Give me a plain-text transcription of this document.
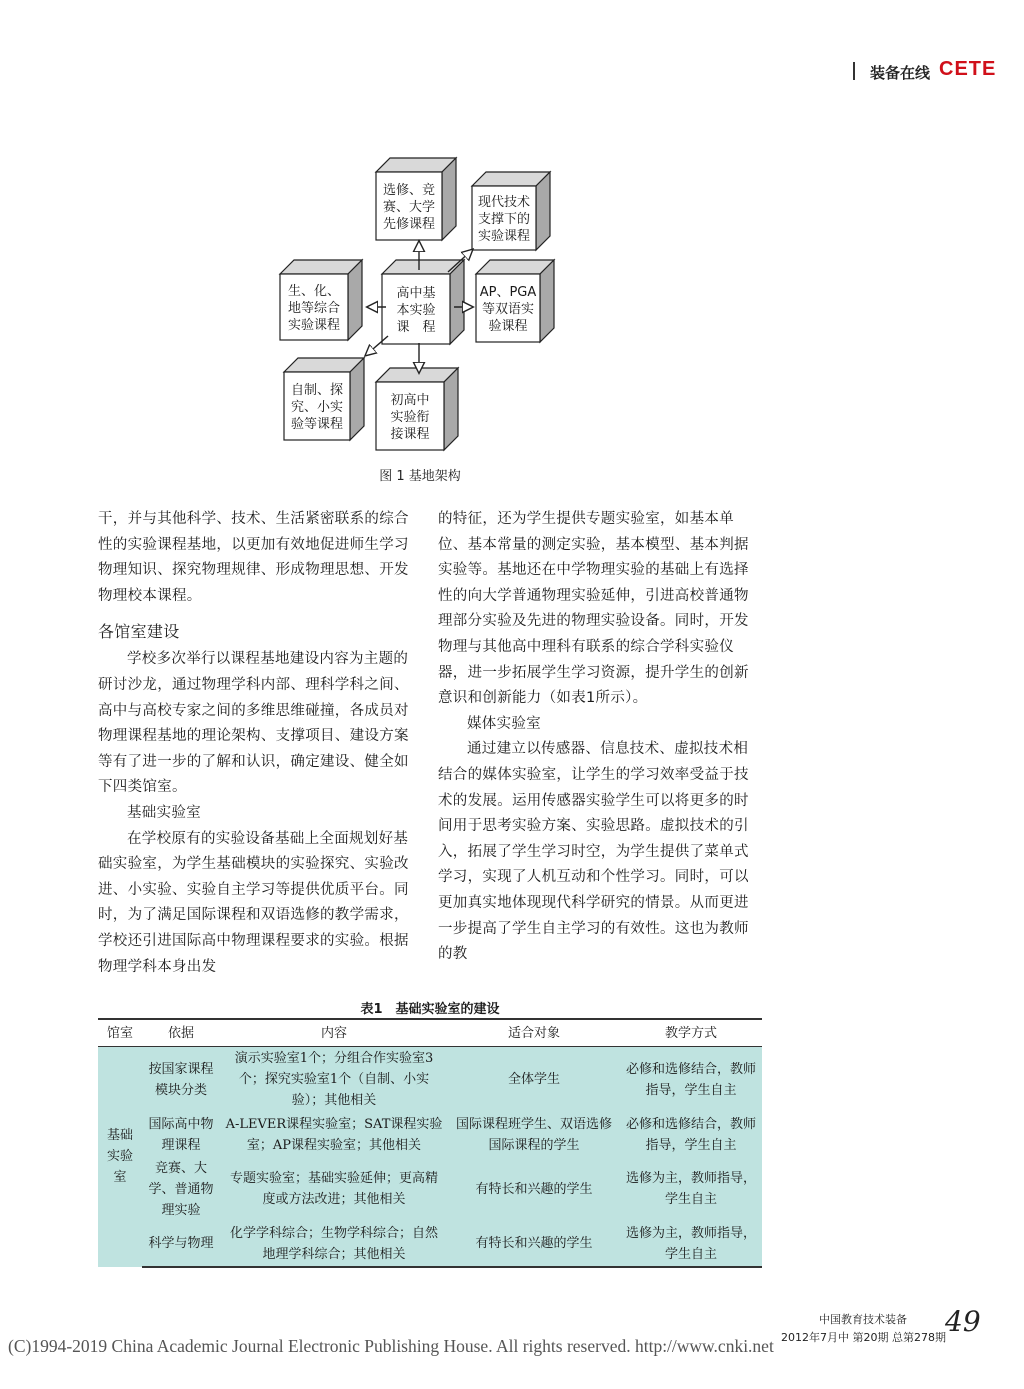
装备在线 CETE
选修、竞
赛、大学
先修课程
现代技术
支撑下的
实验课程
生、化、
地等综合
实验课程
高中基
本实验
课　程
AP、PGA
等双语实
验课程
自制、探
究、小实
验等课程
初高中
实验衔
接课程
图 1 基地架构

干，并与其他科学、技术、生活紧密联系的综合性的实验课程基地，以更加有效地促进师生学习物理知识、探究物理规律、形成物理思想、开发物理校本课程。

各馆室建设

学校多次举行以课程基地建设内容为主题的研讨沙龙，通过物理学科内部、理科学科之间、高中与高校专家之间的多维思维碰撞，各成员对物理课程基地的理论架构、支撑项目、建设方案等有了进一步的了解和认识，确定建设、健全如下四类馆室。

基础实验室

在学校原有的实验设备基础上全面规划好基础实验室，为学生基础模块的实验探究、实验改进、小实验、实验自主学习等提供优质平台。同时，为了满足国际课程和双语选修的教学需求，学校还引进国际高中物理课程要求的实验。根据物理学科本身出发

的特征，还为学生提供专题实验室，如基本单位、基本常量的测定实验，基本模型、基本判据实验等。基地还在中学物理实验的基础上有选择性的向大学普通物理实验延伸，引进高校普通物理部分实验及先进的物理实验设备。同时，开发物理与其他高中理科有联系的综合学科实验仪器，进一步拓展学生学习资源，提升学生的创新意识和创新能力（如表1所示）。

媒体实验室

通过建立以传感器、信息技术、虚拟技术相结合的媒体实验室，让学生的学习效率受益于技术的发展。运用传感器实验学生可以将更多的时间用于思考实验方案、实验思路。虚拟技术的引入，拓展了学生学习时空，为学生提供了菜单式学习，实现了人机互动和个性学习。同时，可以更加真实地体现现代科学研究的情景。从而更进一步提高了学生自主学习的有效性。这也为教师的教

表1　基础实验室的建设
馆室	依据	内容	适合对象	教学方式
基础
实验
室	按国家课程模块分类	演示实验室1个；分组合作实验室3个；探究实验室1个（自制、小实验）；其他相关	全体学生	必修和选修结合，教师指导，学生自主
	国际高中物理课程	A-LEVER课程实验室；SAT课程实验室；AP课程实验室；其他相关	国际课程班学生、双语选修国际课程的学生	必修和选修结合，教师指导，学生自主
	竞赛、大学、普通物理实验	专题实验室；基础实验延伸；更高精度或方法改进；其他相关	有特长和兴趣的学生	选修为主，教师指导，学生自主
	科学与物理	化学学科综合；生物学科综合；自然地理学科综合；其他相关	有特长和兴趣的学生	选修为主，教师指导，学生自主
中国教育技术装备
2012年7月中 第20期 总第278期 49
(C)1994-2019 China Academic Journal Electronic Publishing House. All rights reserved. http://www.cnki.net
